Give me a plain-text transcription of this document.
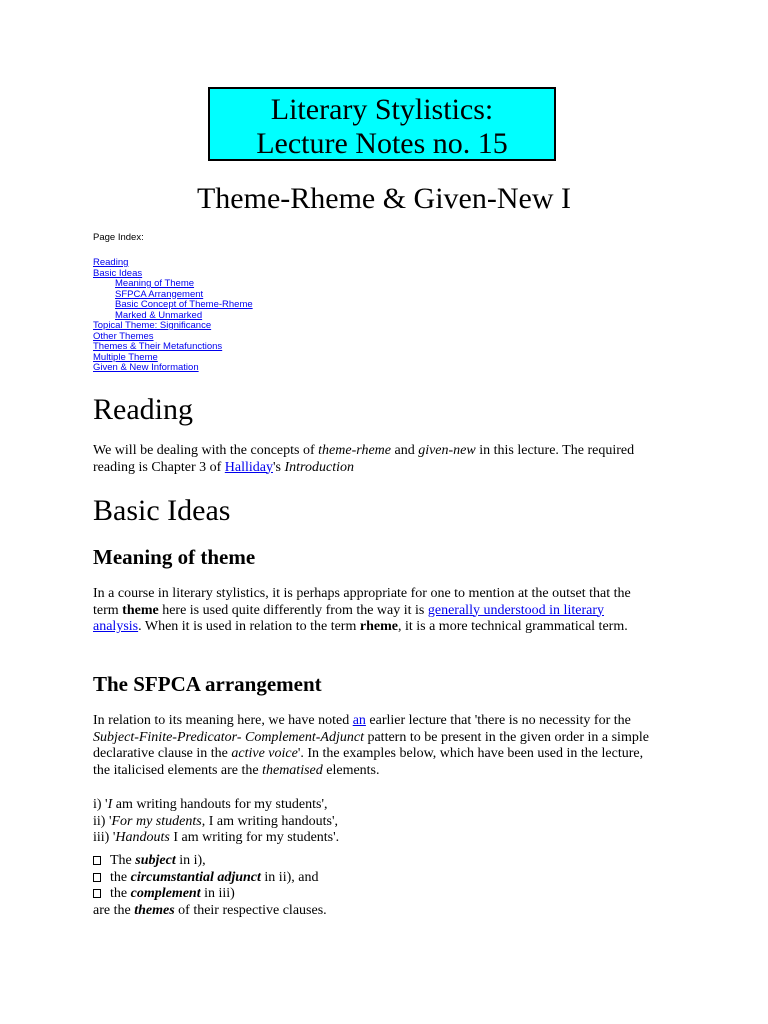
Literary Stylistics:
Lecture Notes no. 15
Theme-Rheme & Given-New I
Page Index:
Reading
Basic Ideas
Meaning of Theme
SFPCA Arrangement
Basic Concept of Theme-Rheme
Marked & Unmarked
Topical Theme: Significance
Other Themes
Themes & Their Metafunctions
Multiple Theme
Given & New Information
Reading

We will be dealing with the concepts of theme-rheme and given-new in this lecture. The required reading is Chapter 3 of Halliday's Introduction

Basic Ideas
Meaning of theme

In a course in literary stylistics, it is perhaps appropriate for one to mention at the outset that the term theme here is used quite differently from the way it is generally understood in literary analysis. When it is used in relation to the term rheme, it is a more technical grammatical term.

The SFPCA arrangement

In relation to its meaning here, we have noted an earlier lecture that 'there is no necessity for the Subject-Finite-Predicator- Complement-Adjunct pattern to be present in the given order in a simple declarative clause in the active voice'. In the examples below, which have been used in the lecture, the italicised elements are the thematised elements.

i) 'I am writing handouts for my students',
ii) 'For my students, I am writing handouts',
iii) 'Handouts I am writing for my students'.

The subject in i),
the circumstantial adjunct in ii), and
the complement in iii)
are the themes of their respective clauses.
